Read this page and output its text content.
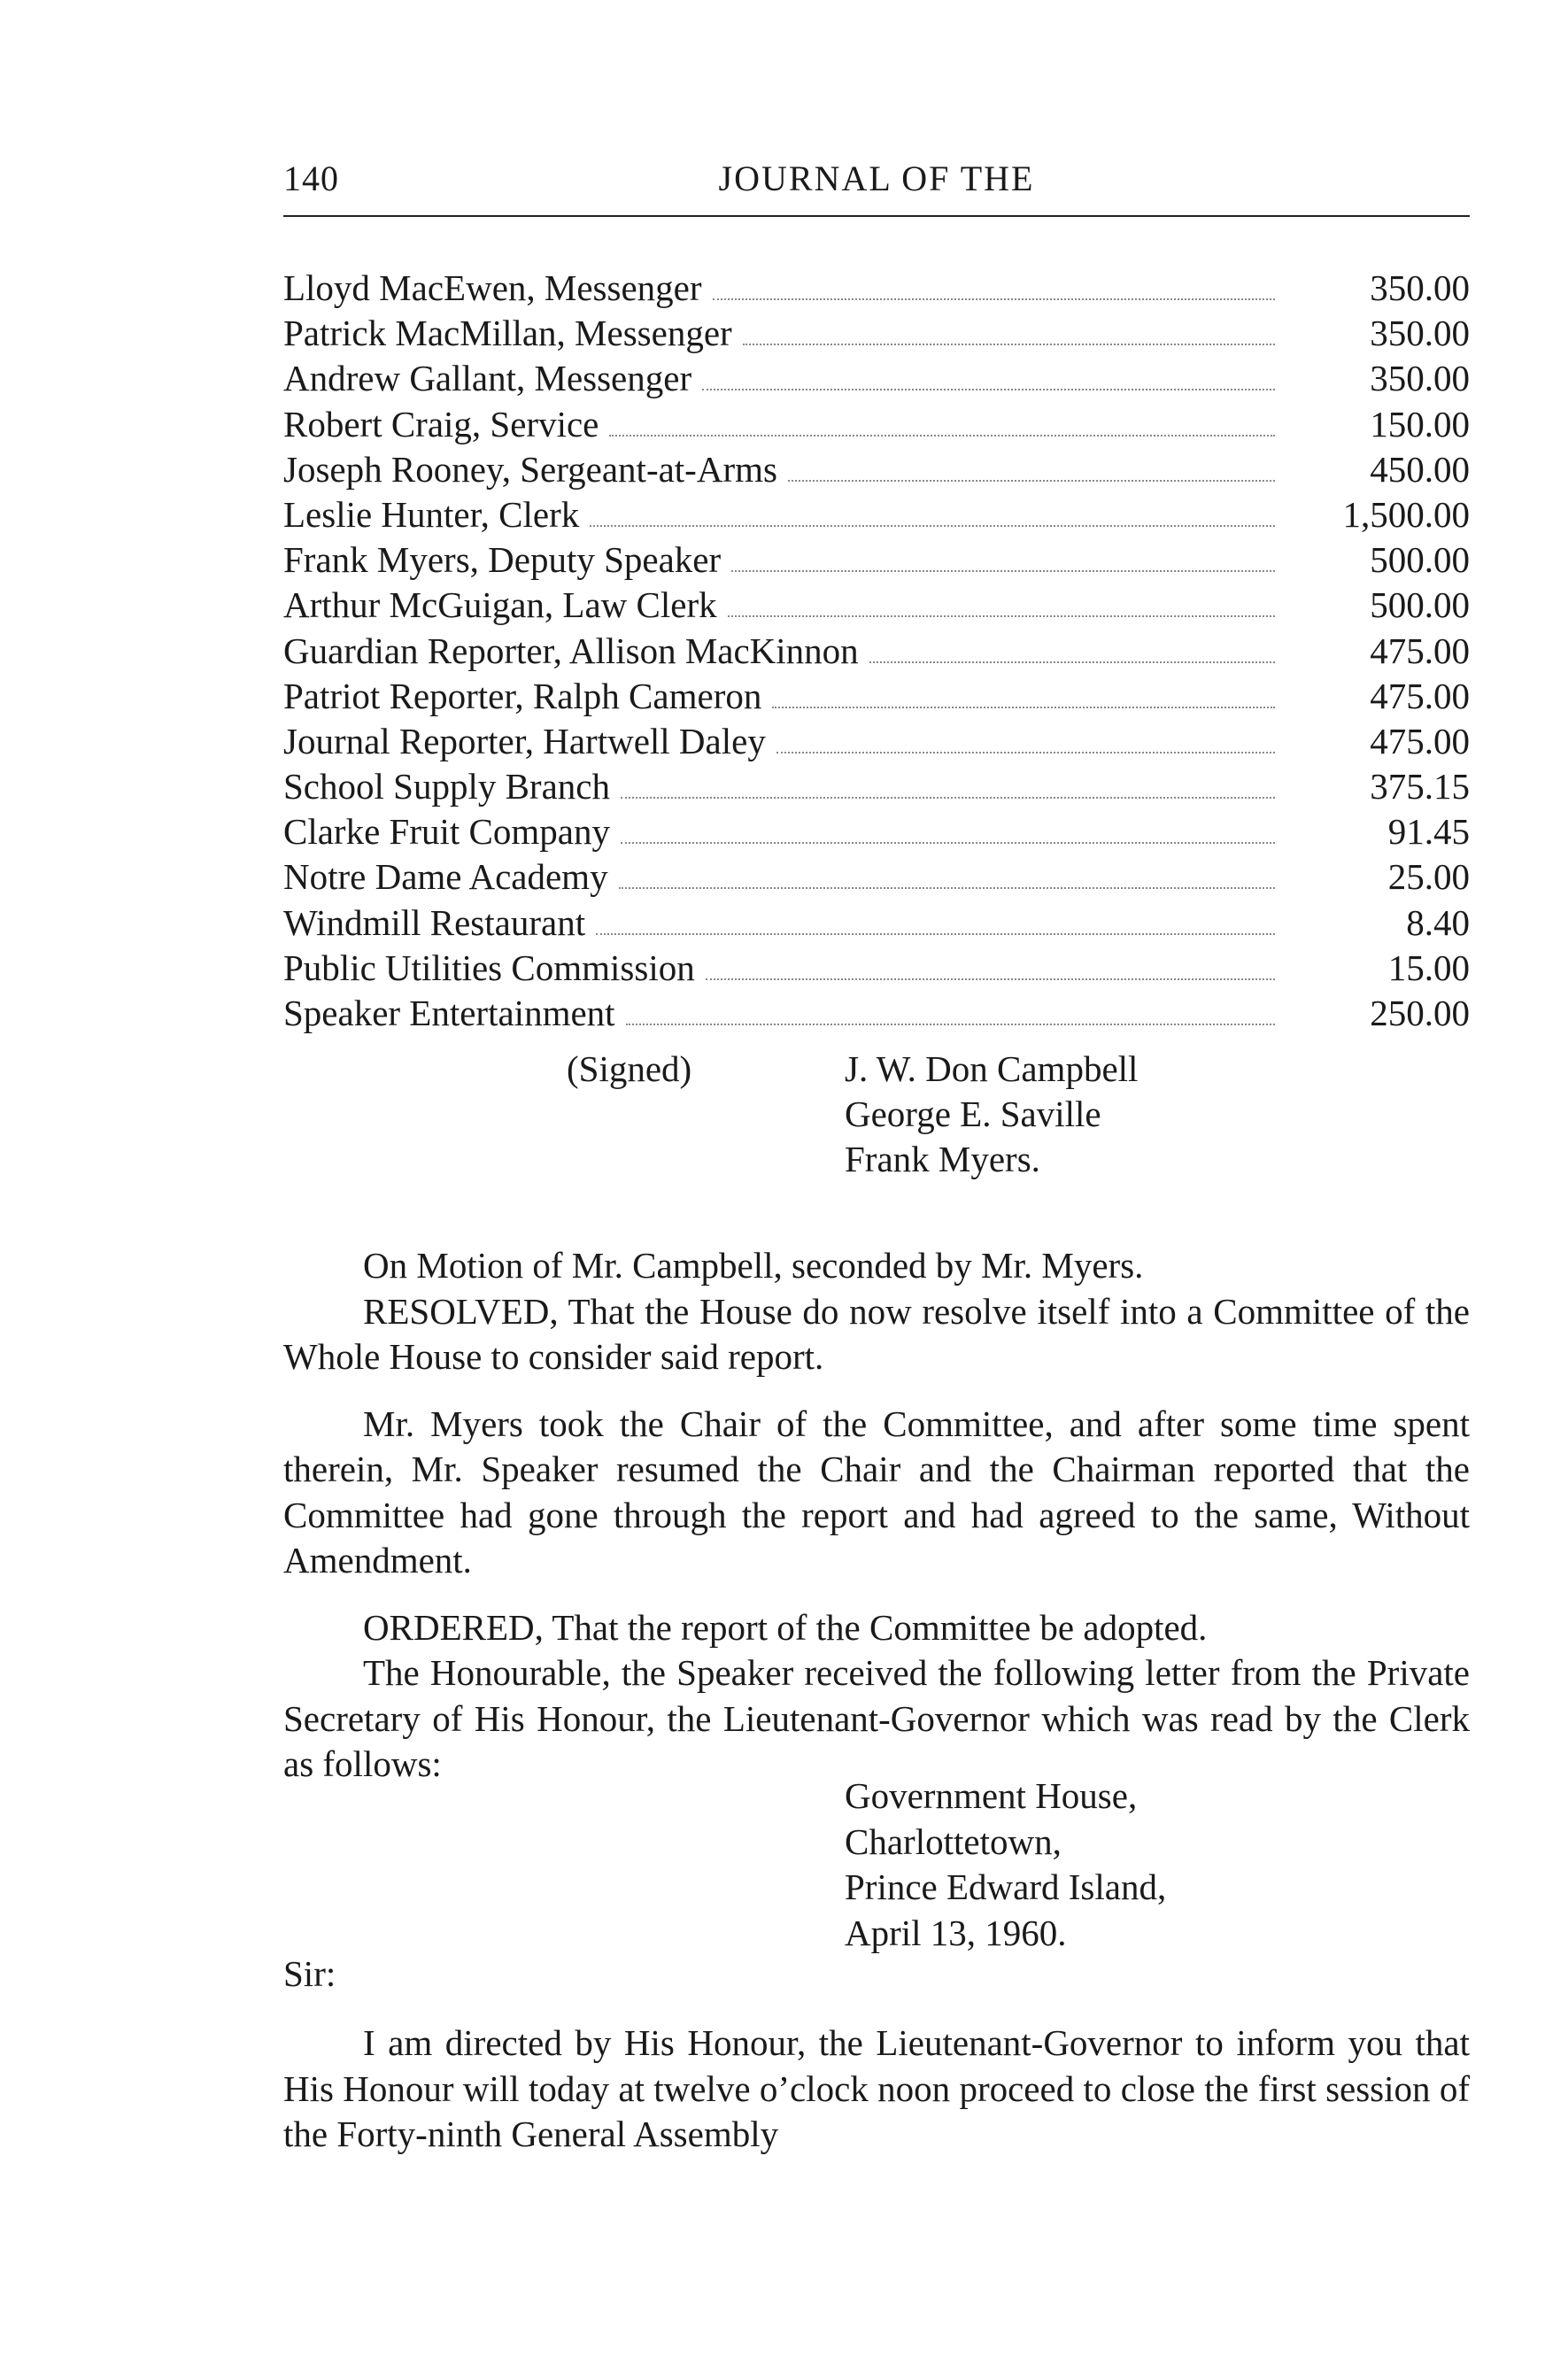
140	JOURNAL OF THE
Lloyd MacEwen, Messenger	350.00
Patrick MacMillan, Messenger	350.00
Andrew Gallant, Messenger	350.00
Robert Craig, Service	150.00
Joseph Rooney, Sergeant-at-Arms	450.00
Leslie Hunter, Clerk	1,500.00
Frank Myers, Deputy Speaker	500.00
Arthur McGuigan, Law Clerk	500.00
Guardian Reporter, Allison MacKinnon	475.00
Patriot Reporter, Ralph Cameron	475.00
Journal Reporter, Hartwell Daley	475.00
School Supply Branch	375.15
Clarke Fruit Company	91.45
Notre Dame Academy	25.00
Windmill Restaurant	8.40
Public Utilities Commission	15.00
Speaker Entertainment	250.00
(Signed)	J. W. Don Campbell
George E. Saville
Frank Myers.

On Motion of Mr. Campbell, seconded by Mr. Myers.

RESOLVED, That the House do now resolve itself into a Committee of the Whole House to consider said report.

Mr. Myers took the Chair of the Committee, and after some time spent therein, Mr. Speaker resumed the Chair and the Chairman reported that the Committee had gone through the report and had agreed to the same, Without Amendment.

ORDERED, That the report of the Committee be adopted.

The Honourable, the Speaker received the following letter from the Private Secretary of His Honour, the Lieutenant-Governor which was read by the Clerk as follows:

Government House,
Charlottetown,
Prince Edward Island,
April 13, 1960.
Sir:

I am directed by His Honour, the Lieutenant-Governor to inform you that His Honour will today at twelve o’clock noon proceed to close the first session of the Forty-ninth General Assembly
